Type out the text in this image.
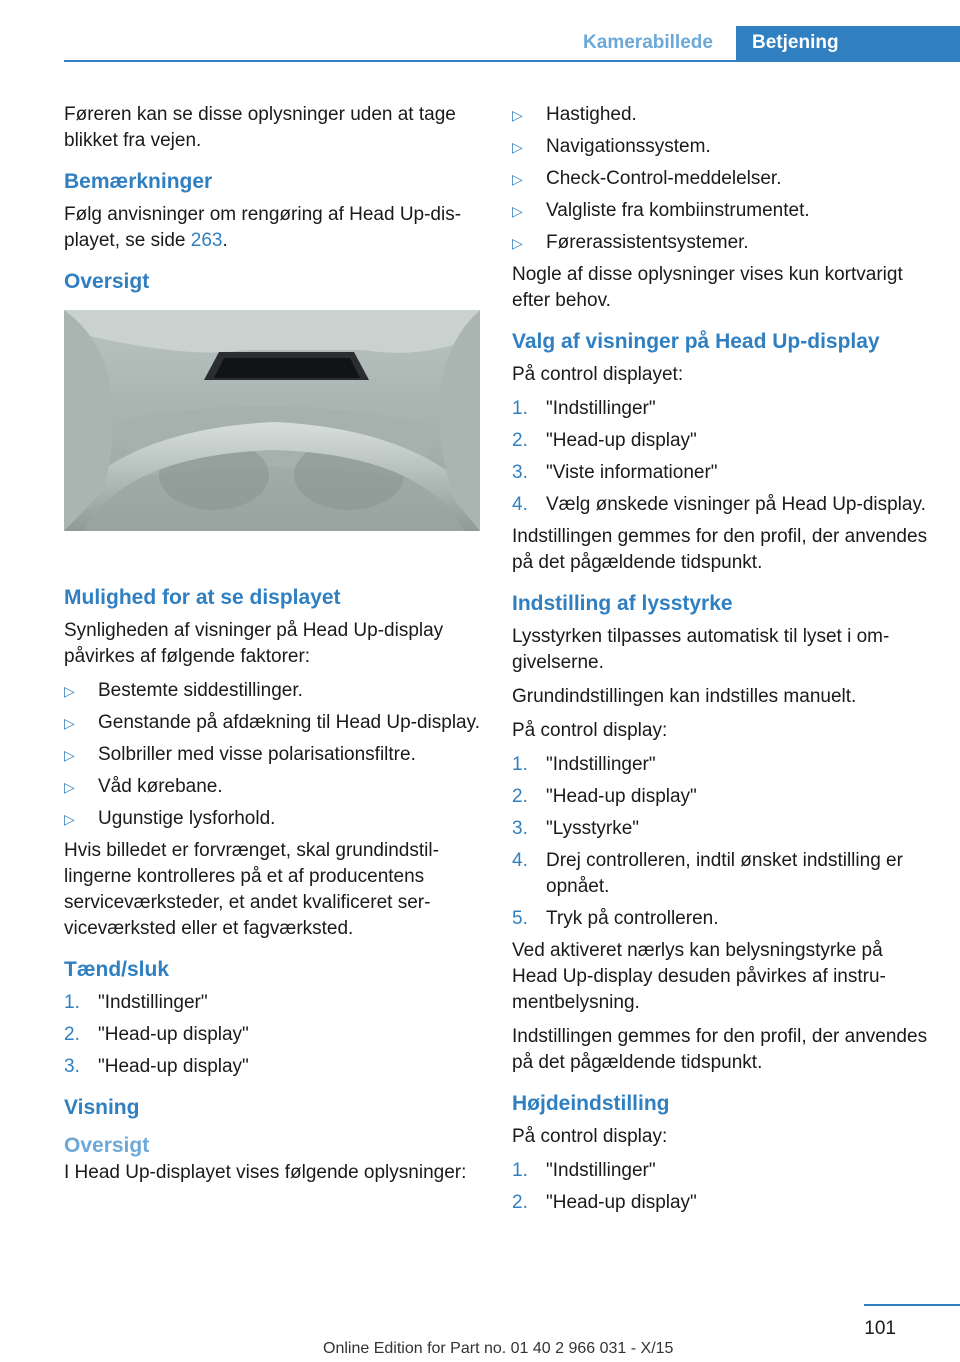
Kamerabillede	Betjening

Føreren kan se disse oplysninger uden at tage blikket fra vejen.

Bemærkninger

Følg anvisninger om rengøring af Head Up-displayet, se side 263.

Oversigt
Mulighed for at se displayet

Synligheden af visninger på Head Up-display påvirkes af følgende faktorer:

▷ Bestemte siddestillinger.
▷ Genstande på afdækning til Head Up-display.
▷ Solbriller med visse polarisationsfiltre.
▷ Våd kørebane.
▷ Ugunstige lysforhold.

Hvis billedet er forvrænget, skal grundindstillingerne kontrolleres på et af producentens serviceværksteder, et andet kvalificeret serviceværksted eller et fagværksted.

Tænd/sluk
1. "Indstillinger"
2. "Head-up display"
3. "Head-up display"
Visning
Oversigt

I Head Up-displayet vises følgende oplysninger:

▷ Hastighed.
▷ Navigationssystem.
▷ Check-Control-meddelelser.
▷ Valgliste fra kombiinstrumentet.
▷ Førerassistentsystemer.

Nogle af disse oplysninger vises kun kortvarigt efter behov.

Valg af visninger på Head Up-display

På control displayet:

1. "Indstillinger"
2. "Head-up display"
3. "Viste informationer"
4. Vælg ønskede visninger på Head Up-display.

Indstillingen gemmes for den profil, der anvendes på det pågældende tidspunkt.

Indstilling af lysstyrke

Lysstyrken tilpasses automatisk til lyset i omgivelserne.

Grundindstillingen kan indstilles manuelt.

På control display:

1. "Indstillinger"
2. "Head-up display"
3. "Lysstyrke"
4. Drej controlleren, indtil ønsket indstilling er opnået.
5. Tryk på controlleren.

Ved aktiveret nærlys kan belysningstyrke på Head Up-display desuden påvirkes af instrumentbelysning.

Indstillingen gemmes for den profil, der anvendes på det pågældende tidspunkt.

Højdeindstilling

På control display:

1. "Indstillinger"
2. "Head-up display"
101
SeiteOnline Edition for Part no. 01 40 2 966 031 - X/15
